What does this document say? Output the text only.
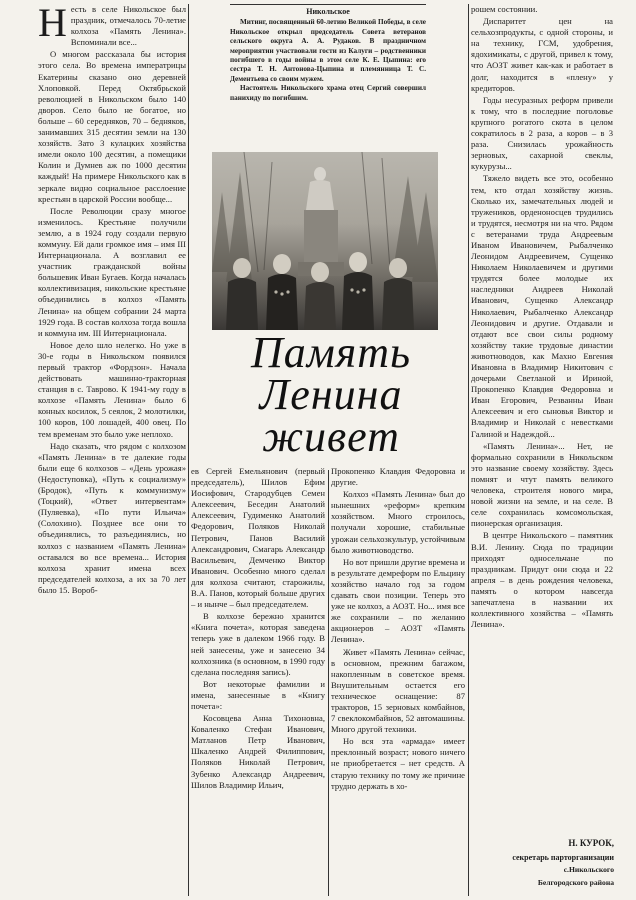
Н есть в селе Никольское был праздник, отмечалось 70-летие колхоза «Память Ленина». Вспоминали все...

О многом рассказала бы история этого села. Во времена императрицы Екатерины сказано оно деревней Хлоповкой. Перед Октябрьской революцией в Никольском было 140 дворов. Село было не богатое, но больше – 60 середняков, 70 – бедняков, занимавших 315 десятин земли на 130 хозяйств. Зато 3 кулацких хозяйства имели около 100 десятин, а помещики Колин и Думнев аж по 1000 десятин каждый! На примере Никольского как в зеркале видно социальное расслоение крестьян в царской России вообще...

После Революции сразу многое изменилось. Крестьяне получили землю, а в 1924 году создали первую коммуну. Ей дали громкое имя – имя III Интернационала. А возглавил ее участник гражданской войны большевик Иван Бугаев. Когда началась коллективизация, никольские крестьяне объединились в колхоз «Память Ленина» на общем собрании 24 марта 1929 года. В состав колхоза тогда вошла и коммуна им. III Интернационала.

Новое дело шло нелегко. Но уже в 30-е годы в Никольском появился первый трактор «Фордзон». Начала действовать машинно-тракторная станция в с. Таврово. К 1941-му году в колхозе «Память Ленина» было 6 конных косилок, 5 сеялок, 2 молотилки, 100 коров, 100 лошадей, 400 овец. По тем временам это было уже неплохо.

Надо сказать, что рядом с колхозом «Память Ленина» в те далекие годы были еще 6 колхозов – «День урожая» (Недоступовка), «Путь к социализму» (Бродок), «Путь к коммунизму» (Тоцкий), «Ответ интервентам» (Пуляевка), «По пути Ильича» (Солохино). Позднее все они то объединялись, то разъединялись, но колхоз с названием «Память Ленина» оставался во все времена... История колхоза хранит имена всех председателей колхоза, а их за 70 лет было 15. Вороб-

Никольское

Митинг, посвященный 60-летию Великой Победы, в селе Никольское открыл председатель Совета ветеранов сельского округа А. А. Рудаков. В праздничном мероприятии участвовали гости из Калуги – родственники погибшего в годы войны в этом селе К. Е. Цыпина: его сестра Т. Н. Антонова-Цыпина и племянница Т. С. Дементьева со своим мужем.

Настоятель Никольского храма отец Сергий совершил панихиду по погибшим.

Память Ленина живет

ев Сергей Емельянович (первый председатель), Шилов Ефим Иосифович, Стародубцев Семен Алексеевич, Беседин Анатолий Алексеевич, Гудименко Анатолий Федорович, Поляков Николай Петрович, Панов Василий Александрович, Смагарь Александр Васильевич, Демченко Виктор Иванович. Особенно много сделал для колхоза считают, старожилы, В.А. Панов, который больше других – и нынче – был председателем.

В колхозе бережно хранится «Книга почета», которая заведена теперь уже в далеком 1966 году. В ней занесены, уже и занесено 34 колхозника (в основном, в 1990 году сделана последняя запись).

Вот некоторые фамилии и имена, занесенные в «Книгу почета»:

Косовцева Анна Тихоновна, Коваленко Стефан Иванович, Матланов Петр Иванович, Шкаленко Андрей Филиппович, Поляков Николай Петрович, Зубенко Александр Андреевич, Шилов Владимир Ильич,

Прокопенко Клавдия Федоровна и другие.

Колхоз «Память Ленина» был до нынешних «реформ» крепким хозяйством. Много строилось, получали хорошие, стабильные урожаи сельхозкультур, устойчивым было животноводство.

Но вот пришли другие времена и в результате демреформ по Ельцину хозяйство начало год за годом сдавать свои позиции. Теперь это уже не колхоз, а АОЗТ. Но... имя все же сохранили – по желанию акционеров – АОЗТ «Память Ленина».

Живет «Память Ленина» сейчас, в основном, прежним багажом, накопленным в советское время. Внушительным остается его техническое оснащение: 87 тракторов, 15 зерновых комбайнов, 7 свеклокомбайнов, 52 автомашины. Много другой техники.

Но вся эта «армада» имеет преклонный возраст; нового ничего не приобретается – нет средств. А старую технику по тому же причине трудно держать в хо-

рошем состоянии.

Диспаритет цен на сельхозпродукты, с одной стороны, и на технику, ГСМ, удобрения, ядохимикаты, с другой, привел к тому, что АОЗТ живет как-как и работает в долг, находится в «плену» у кредиторов.

Годы несуразных реформ привели к тому, что в последние поголовье крупного рогатого скота в целом сократилось в 2 раза, а коров – в 3 раза. Снизилась урожайность зерновых, сахарной свеклы, кукурузы...

Тяжело видеть все это, особенно тем, кто отдал хозяйству жизнь. Сколько их, замечательных людей и тружеников, орденоносцев трудились и трудятся, несмотря ни на что. Рядом с ветеранами труда Андреевым Иваном Ивановичем, Рыбалченко Леонидом Андреевичем, Сущенко Николаем Николаевичем и другими трудятся более молодые их наследники Андреев Николай Иванович, Сущенко Александр Николаевич, Рыбалченко Александр Леонидович и другие. Отдавали и отдают все свои силы родному хозяйству такие трудовые династии животноводов, как Махно Евгения Ивановна в Владимир Никитович с дочерьми Светланой и Ириной, Прокопенко Клавдия Федоровна и Иван Егорович, Резванны Иван Алексеевич и его сыновья Виктор и Владимир и Николай с невестками Галиной и Надеждой...

«Память Ленина»... Нет, не формально сохранили в Никольском это название своему хозяйству. Здесь помнят и чтут память великого человека, строителя нового мира, новой жизни на земле, и на селе. В селе сохранилась комсомольская, пионерская организация.

В центре Никольского – памятник В.И. Ленину. Сюда по традиции приходят односельчане по праздникам. Придут они сюда и 22 апреля – в день рождения человека, память о котором навсегда запечатлена в названии их коллективного хозяйства – «Память Ленина».

Н. КУРОК,
секретарь парторганизации
с.Никольского
Белгородского района
